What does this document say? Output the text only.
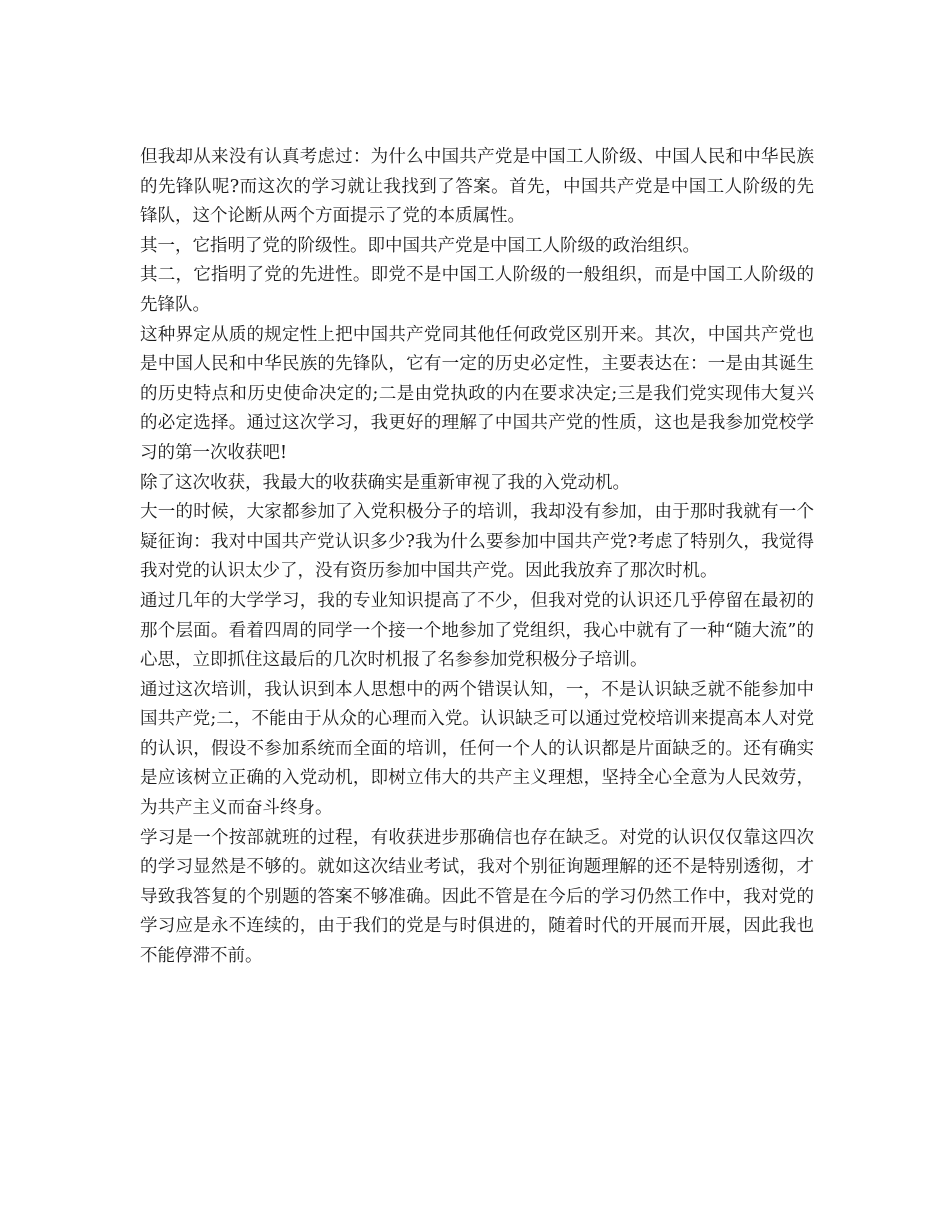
但我却从来没有认真考虑过：为什么中国共产党是中国工人阶级、中国人民和中华民族的先锋队呢?而这次的学习就让我找到了答案。首先，中国共产党是中国工人阶级的先锋队，这个论断从两个方面提示了党的本质属性。

其一，它指明了党的阶级性。即中国共产党是中国工人阶级的政治组织。

其二，它指明了党的先进性。即党不是中国工人阶级的一般组织，而是中国工人阶级的先锋队。

这种界定从质的规定性上把中国共产党同其他任何政党区别开来。其次，中国共产党也是中国人民和中华民族的先锋队，它有一定的历史必定性，主要表达在：一是由其诞生的历史特点和历史使命决定的;二是由党执政的内在要求决定;三是我们党实现伟大复兴的必定选择。通过这次学习，我更好的理解了中国共产党的性质，这也是我参加党校学习的第一次收获吧!

除了这次收获，我最大的收获确实是重新审视了我的入党动机。

大一的时候，大家都参加了入党积极分子的培训，我却没有参加，由于那时我就有一个疑征询：我对中国共产党认识多少?我为什么要参加中国共产党?考虑了特别久，我觉得我对党的认识太少了，没有资历参加中国共产党。因此我放弃了那次时机。

通过几年的大学学习，我的专业知识提高了不少，但我对党的认识还几乎停留在最初的那个层面。看着四周的同学一个接一个地参加了党组织，我心中就有了一种“随大流”的心思，立即抓住这最后的几次时机报了名参参加党积极分子培训。

通过这次培训，我认识到本人思想中的两个错误认知，一，不是认识缺乏就不能参加中国共产党;二，不能由于从众的心理而入党。认识缺乏可以通过党校培训来提高本人对党的认识，假设不参加系统而全面的培训，任何一个人的认识都是片面缺乏的。还有确实是应该树立正确的入党动机，即树立伟大的共产主义理想，坚持全心全意为人民效劳，为共产主义而奋斗终身。

学习是一个按部就班的过程，有收获进步那确信也存在缺乏。对党的认识仅仅靠这四次的学习显然是不够的。就如这次结业考试，我对个别征询题理解的还不是特别透彻，才导致我答复的个别题的答案不够准确。因此不管是在今后的学习仍然工作中，我对党的学习应是永不连续的，由于我们的党是与时俱进的，随着时代的开展而开展，因此我也不能停滞不前。
